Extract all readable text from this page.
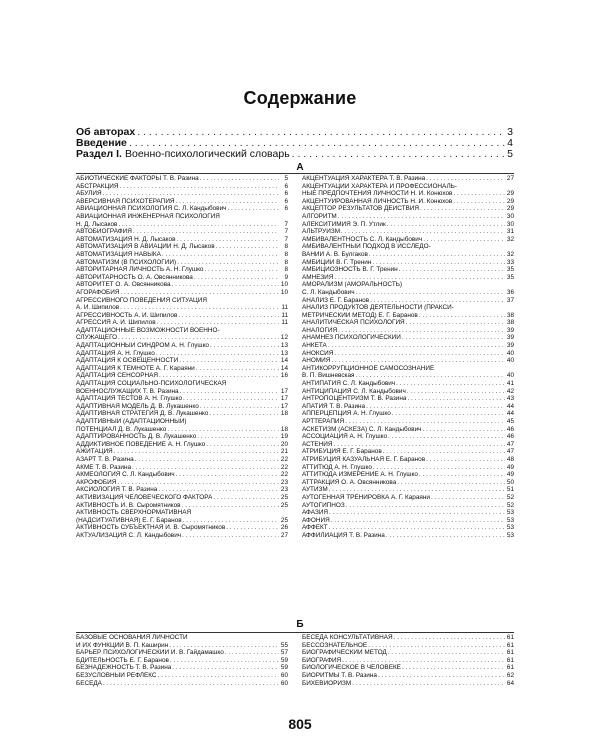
Содержание
Об авторах . . .	3
Введение . . .	4
Раздел I. Военно-психологический словарь . . .	5
А
АБИОТИЧЕСКИЕ ФАКТОРЫ Т. В. Разина . . .	5
АБСТРАКЦИЯ . . .	6
АБУЛИЯ . . .	6
АВЕРСИВНАЯ ПСИХОТЕРАПИЯ . . .	6
АВИАЦИОННАЯ ПСИХОЛОГИЯ С. Л. Кандыбович . . .	6
АВИАЦИОННАЯ ИНЖЕНЕРНАЯ ПСИХОЛОГИЯ
Н. Д. Лысаков . . .	7
АВТОБИОГРАФИЯ . . .	7
АВТОМАТИЗАЦИЯ Н. Д. Лысаков . . .	7
АВТОМАТИЗАЦИЯ В АВИАЦИИ Н. Д. Лысаков . . .	8
АВТОМАТИЗАЦИЯ НАВЫКА . . .	8
АВТОМАТИЗМ (В ПСИХОЛОГИИ) . . .	8
АВТОРИТАРНАЯ ЛИЧНОСТЬ А. Н. Глушко . . .	8
АВТОРИТАРНОСТЬ О. А. Овсянникова . . .	9
АВТОРИТЕТ О. А. Овсянникова . . .	10
АГОРАФОБИЯ . . .	10
АГРЕССИВНОГО ПОВЕДЕНИЯ СИТУАЦИЯ
А. И. Шипилов . . .	11
АГРЕССИВНОСТЬ А. И. Шипилов . . .	11
АГРЕССИЯ А. И. Шипилов . . .	11
АДАПТАЦИОННЫЕ ВОЗМОЖНОСТИ ВОЕННО-
СЛУЖАЩЕГО . . .	12
АДАПТАЦИОННЫЙ СИНДРОМ А. Н. Глушко . . .	13
АДАПТАЦИЯ А. Н. Глушко . . .	13
АДАПТАЦИЯ К ОСВЕЩЕННОСТИ . . .	14
АДАПТАЦИЯ К ТЕМНОТЕ А. Г. Караяни . . .	14
АДАПТАЦИЯ СЕНСОРНАЯ . . .	16
АДАПТАЦИЯ СОЦИАЛЬНО-ПСИХОЛОГИЧЕСКАЯ
ВОЕННОСЛУЖАЩИХ Т. В. Разина . . .	17
АДАПТАЦИЯ ТЕСТОВ А. Н. Глушко . . .	17
АДАПТИВНАЯ МОДЕЛЬ Д. В. Лукашенко . . .	17
АДАПТИВНАЯ СТРАТЕГИЯ Д. В. Лукашенко . . .	18
АДАПТИВНЫЙ (АДАПТАЦИОННЫЙ)
ПОТЕНЦИАЛ Д. В. Лукашенко . . .	18
АДАПТИРОВАННОСТЬ Д. В. Лукашенко . . .	19
АДДИКТИВНОЕ ПОВЕДЕНИЕ А. Н. Глушко . . .	20
АЖИТАЦИЯ . . .	21
АЗАРТ Т. В. Разина . . .	22
АКМЕ Т. В. Разина . . .	22
АКМЕОЛОГИЯ С. Л. Кандыбович . . .	22
АКРОФОБИЯ . . .	23
АКСИОЛОГИЯ Т. В. Разина . . .	23
АКТИВИЗАЦИЯ ЧЕЛОВЕЧЕСКОГО ФАКТОРА . . .	25
АКТИВНОСТЬ И. В. Сыромятников . . .	25
АКТИВНОСТЬ СВЕРХНОРМАТИВНАЯ
(НАДСИТУАТИВНАЯ) Е. Г. Баранов . . .	25
АКТИВНОСТЬ СУБЪЕКТНАЯ И. В. Сыромятников . . .	26
АКТУАЛИЗАЦИЯ С. Л. Кандыбович . . .	27
АКЦЕНТУАЦИЯ ХАРАКТЕРА Т. В. Разина . . .	27
АКЦЕНТУАЦИИ ХАРАКТЕРА И ПРОФЕССИОНАЛЬ-
НЫЕ ПРЕДПОЧТЕНИЯ ЛИЧНОСТИ Н. И. Конюхов . . .	29
АКЦЕНТУИРОВАННАЯ ЛИЧНОСТЬ Н. И. Конюхов . . .	29
АКЦЕПТОР РЕЗУЛЬТАТОВ ДЕЙСТВИЯ . . .	29
АЛГОРИТМ . . .	30
АЛЕКСИТИМИЯ Э. П. Утлик . . .	30
АЛЬТРУИЗМ . . .	31
АМБИВАЛЕНТНОСТЬ С. Л. Кандыбович . . .	32
АМБИВАЛЕНТНЫЙ ПОДХОД В ИССЛЕДО-
ВАНИИ А. В. Булгаков . . .	32
АМБИЦИИ В. Г. Тренин . . .	33
АМБИЦИОЗНОСТЬ В. Г. Тренин . . .	35
АМНЕЗИЯ . . .	35
АМОРАЛИЗМ (АМОРАЛЬНОСТЬ)
С. Л. Кандыбович . . .	36
АНАЛИЗ Е. Г. Баранов . . .	37
АНАЛИЗ ПРОДУКТОВ ДЕЯТЕЛЬНОСТИ (ПРАКСИ-
МЕТРИЧЕСКИЙ МЕТОД) Е. Г. Баранов . . .	38
АНАЛИТИЧЕСКАЯ ПСИХОЛОГИЯ . . .	38
АНАЛОГИЯ . . .	39
АНАМНЕЗ ПСИХОЛОГИЧЕСКИЙ . . .	39
АНКЕТА . . .	39
АНОКСИЯ . . .	40
АНОМИЯ . . .	40
АНТИКОРРУПЦИОННОЕ САМОСОЗНАНИЕ
В. П. Вишневская . . .	40
АНТИПАТИЯ С. Л. Кандыбович . . .	41
АНТИЦИПАЦИЯ С. Л. Кандыбович . . .	42
АНТРОПОЦЕНТРИЗМ Т. В. Разина . . .	43
АПАТИЯ Т. В. Разина . . .	44
АППЕРЦЕПЦИЯ А. Н. Глушко . . .	44
АРТТЕРАПИЯ . . .	45
АСКЕТИЗМ (АСКЕЗА) С. Л. Кандыбович . . .	46
АССОЦИАЦИЯ А. Н. Глушко . . .	46
АСТЕНИЯ . . .	47
АТРИБУЦИЯ Е. Г. Баранов . . .	47
АТРИБУЦИЯ КАЗУАЛЬНАЯ Е. Г. Баранов . . .	48
АТТИТЮД А. Н. Глушко . . .	49
АТТИТЮДА ИЗМЕРЕНИЕ А. Н. Глушко . . .	49
АТТРАКЦИЯ О. А. Овсянникова . . .	50
АУТИЗМ . . .	51
АУТОГЕННАЯ ТРЕНИРОВКА А. Г. Караяни . . .	52
АУТОГИПНОЗ . . .	52
АФАЗИЯ . . .	53
АФОНИЯ . . .	53
АФФЕКТ . . .	53
АФФИЛИАЦИЯ Т. В. Разина . . .	53
Б
БАЗОВЫЕ ОСНОВАНИЯ ЛИЧНОСТИ
И ИХ ФУНКЦИИ В. П. Каширин . . .	55
БАРЬЕР ПСИХОЛОГИЧЕСКИЙ И. В. Гайдамашко . . .	57
БДИТЕЛЬНОСТЬ Е. Г. Баранов . . .	59
БЕЗНАДЕЖНОСТЬ Т. В. Разина . . .	59
БЕЗУСЛОВНЫЙ РЕФЛЕКС . . .	60
БЕСЕДА . . .	60
БЕСЕДА КОНСУЛЬТАТИВНАЯ . . .	61
БЕССОЗНАТЕЛЬНОЕ . . .	61
БИОГРАФИЧЕСКИЙ МЕТОД . . .	61
БИОГРАФИЯ . . .	61
БИОЛОГИЧЕСКОЕ В ЧЕЛОВЕКЕ . . .	61
БИОРИТМЫ Т. В. Разина . . .	62
БИХЕВИОРИЗМ . . .	64
805
